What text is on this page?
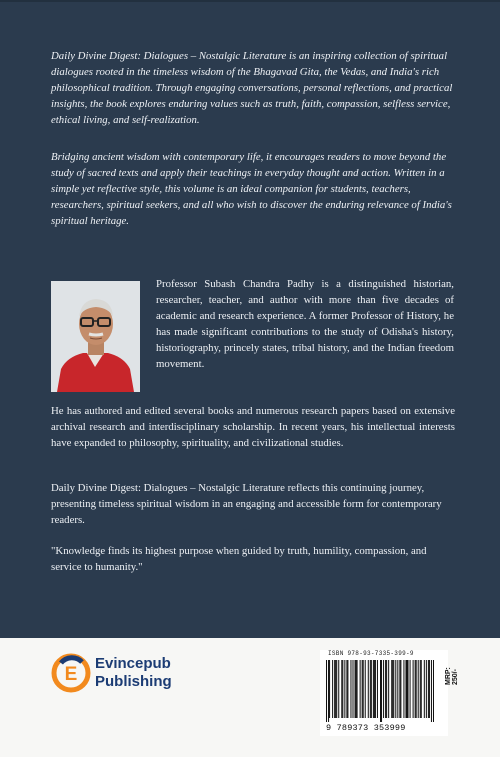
Daily Divine Digest: Dialogues – Nostalgic Literature is an inspiring collection of spiritual dialogues rooted in the timeless wisdom of the Bhagavad Gita, the Vedas, and India's rich philosophical tradition. Through engaging conversations, personal reflections, and practical insights, the book explores enduring values such as truth, faith, compassion, selfless service, ethical living, and self-realization.
Bridging ancient wisdom with contemporary life, it encourages readers to move beyond the study of sacred texts and apply their teachings in everyday thought and action. Written in a simple yet reflective style, this volume is an ideal companion for students, teachers, researchers, spiritual seekers, and all who wish to discover the enduring relevance of India's spiritual heritage.
Professor Subash Chandra Padhy is a distinguished historian, researcher, teacher, and author with more than five decades of academic and research experience. A former Professor of History, he has made significant contributions to the study of Odisha's history, historiography, princely states, tribal history, and the Indian freedom movement.
He has authored and edited several books and numerous research papers based on extensive archival research and interdisciplinary scholarship. In recent years, his intellectual interests have expanded to philosophy, spirituality, and civilizational studies.
Daily Divine Digest: Dialogues – Nostalgic Literature reflects this continuing journey, presenting timeless spiritual wisdom in an engaging and accessible form for contemporary readers.
"Knowledge finds its highest purpose when guided by truth, humility, compassion, and service to humanity."
E
Evincepub
Publishing
ISBN 978-93-7335-399-9
9 789373 353999
MRP: 250/-
